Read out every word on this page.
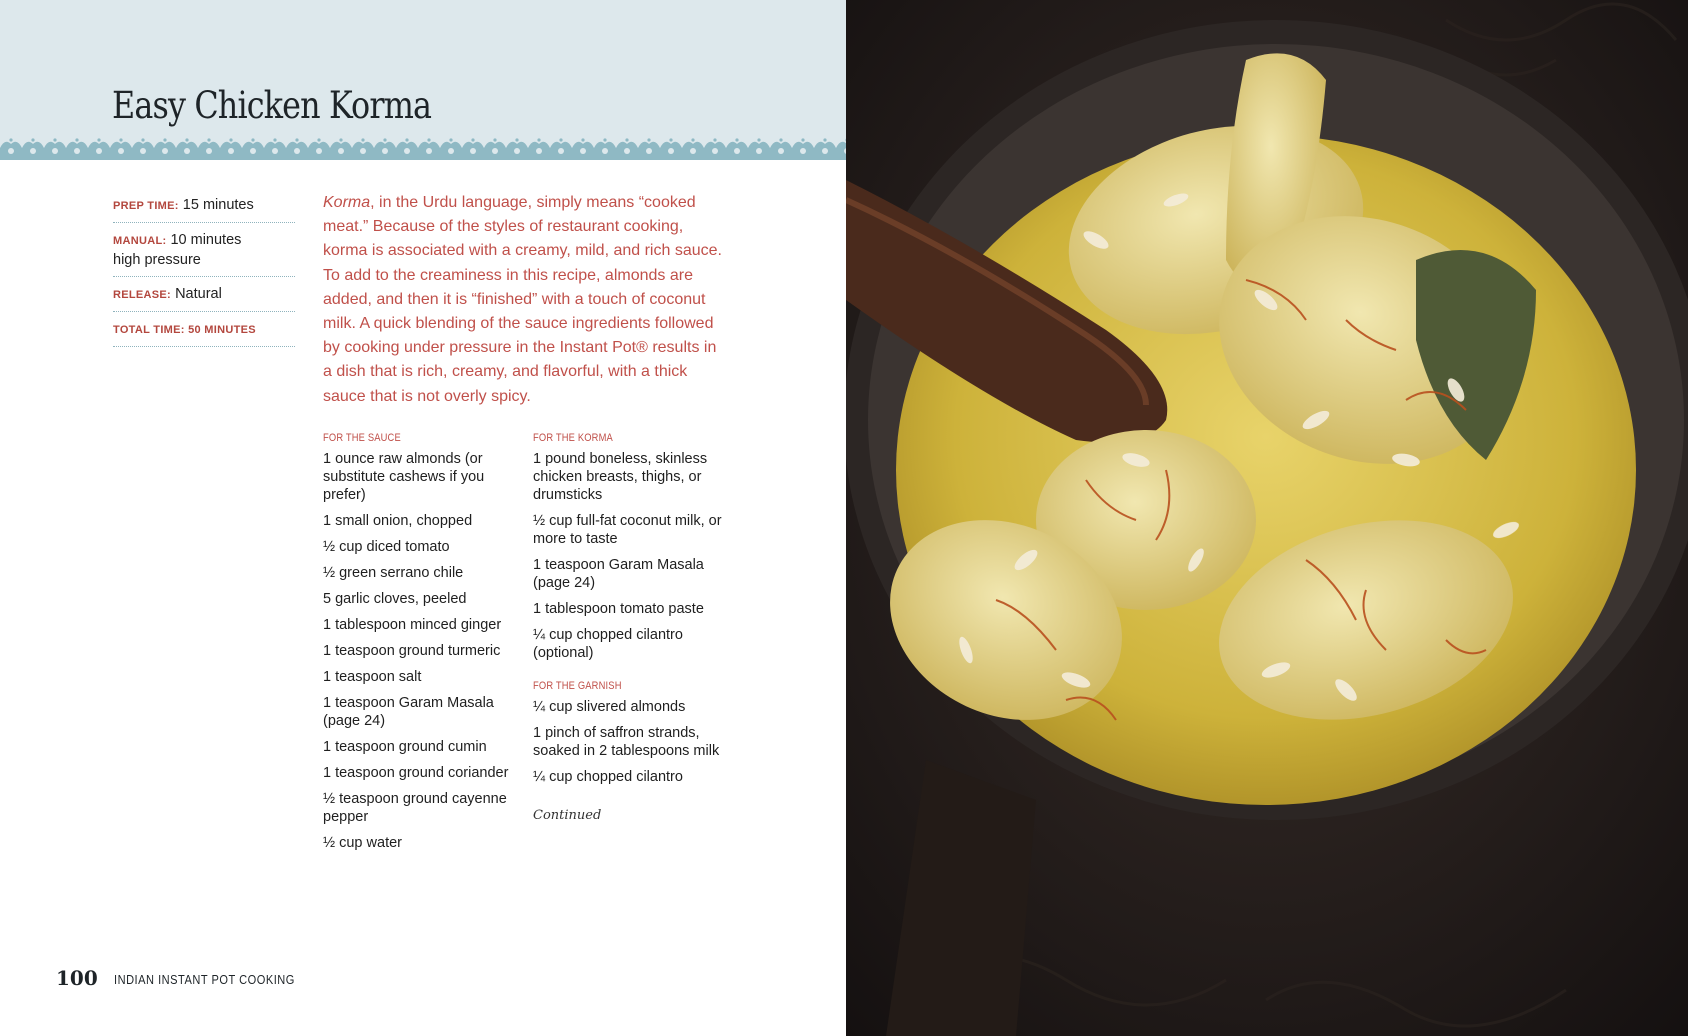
Easy Chicken Korma
PREP TIME: 15 minutes
MANUAL: 10 minutes
high pressure
RELEASE: Natural
TOTAL TIME: 50 MINUTES
Korma, in the Urdu language, simply means “cooked meat.” Because of the styles of restaurant cooking, korma is associated with a creamy, mild, and rich sauce. To add to the creaminess in this recipe, almonds are added, and then it is “finished” with a touch of coconut milk. A quick blending of the sauce ingredients followed by cooking under pressure in the Instant Pot® results in a dish that is rich, creamy, and flavorful, with a thick sauce that is not overly spicy.
FOR THE SAUCE
1 ounce raw almonds (or substitute cashews if you prefer)
1 small onion, chopped
½ cup diced tomato
½ green serrano chile
5 garlic cloves, peeled
1 tablespoon minced ginger
1 teaspoon ground turmeric
1 teaspoon salt
1 teaspoon Garam Masala (page 24)
1 teaspoon ground cumin
1 teaspoon ground coriander
½ teaspoon ground cayenne pepper
½ cup water
FOR THE KORMA
1 pound boneless, skinless chicken breasts, thighs, or drumsticks
½ cup full-fat coconut milk, or more to taste
1 teaspoon Garam Masala (page 24)
1 tablespoon tomato paste
¼ cup chopped cilantro (optional)
FOR THE GARNISH
¼ cup slivered almonds
1 pinch of saffron strands, soaked in 2 tablespoons milk
¼ cup chopped cilantro
Continued
100 INDIAN INSTANT POT COOKING
